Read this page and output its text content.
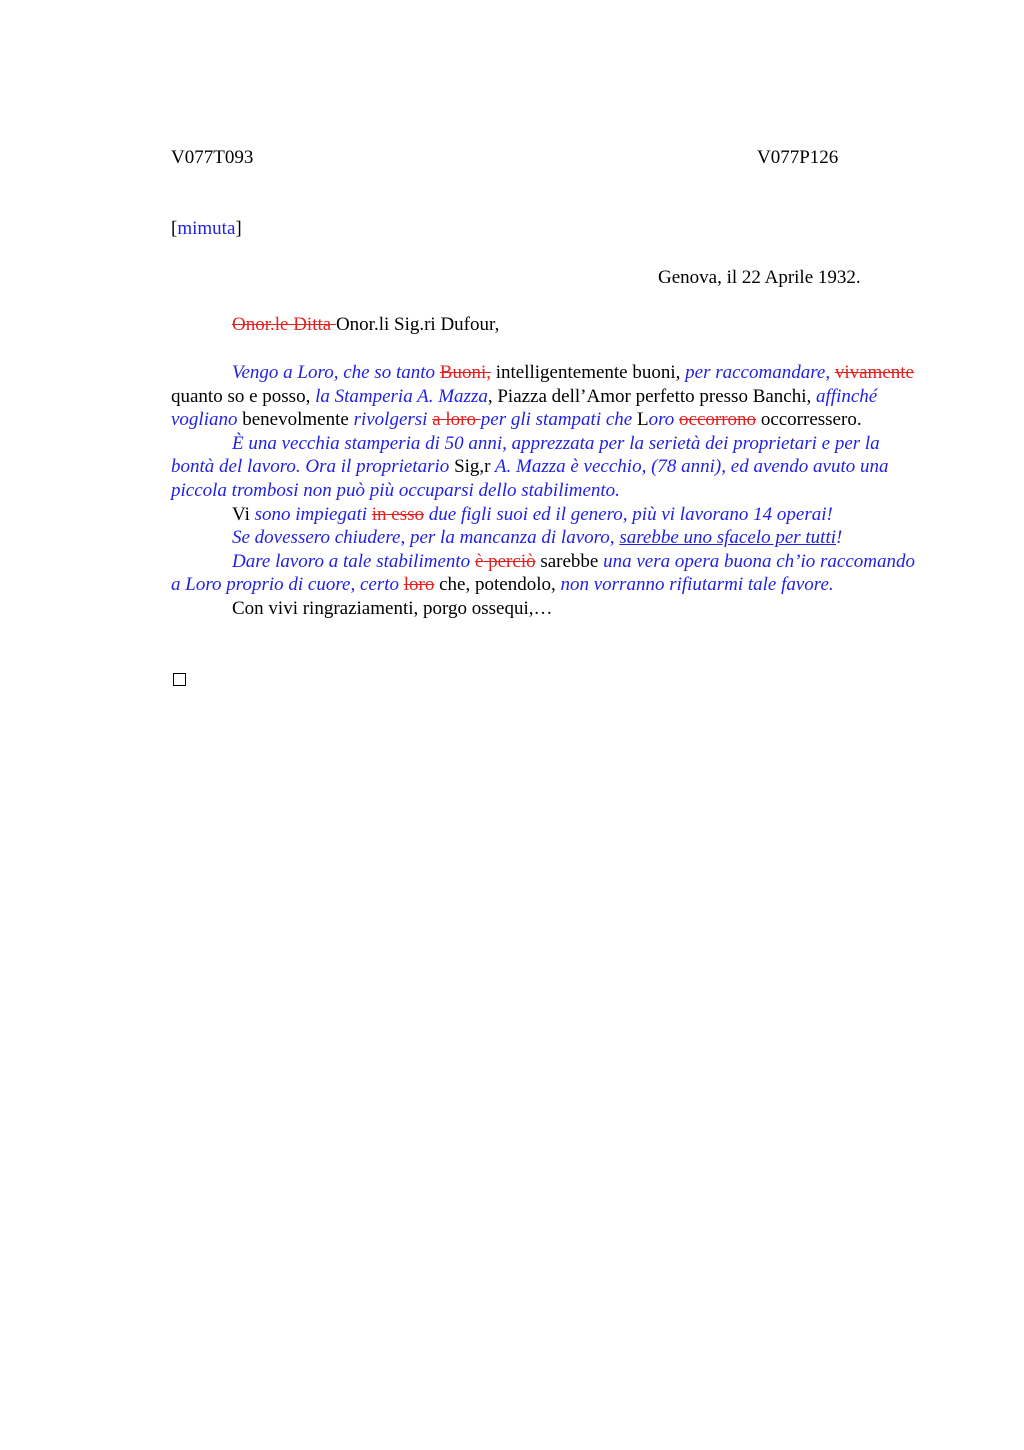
V077T093	V077P126
[mimuta]
Genova, il 22 Aprile 1932.
Onor.le Ditta Onor.li Sig.ri Dufour,

Vengo a Loro, che so tanto Buoni, intelligentemente buoni, per raccomandare, vivamente quanto so e posso, la Stamperia A. Mazza, Piazza dell’Amor perfetto presso Banchi, affinché vogliano benevolmente rivolgersi a loro per gli stampati che Loro occorrono occorressero.

È una vecchia stamperia di 50 anni, apprezzata per la serietà dei proprietari e per la bontà del lavoro. Ora il proprietario Sig,r A. Mazza è vecchio, (78 anni), ed avendo avuto una piccola trombosi non può più occuparsi dello stabilimento.

Vi sono impiegati in esso due figli suoi ed il genero, più vi lavorano 14 operai!

Se dovessero chiudere, per la mancanza di lavoro, sarebbe uno sfacelo per tutti!

Dare lavoro a tale stabilimento è perciò sarebbe una vera opera buona ch’io raccomando a Loro proprio di cuore, certo loro che, potendolo, non vorranno rifiutarmi tale favore.

Con vivi ringraziamenti, porgo ossequi,…
